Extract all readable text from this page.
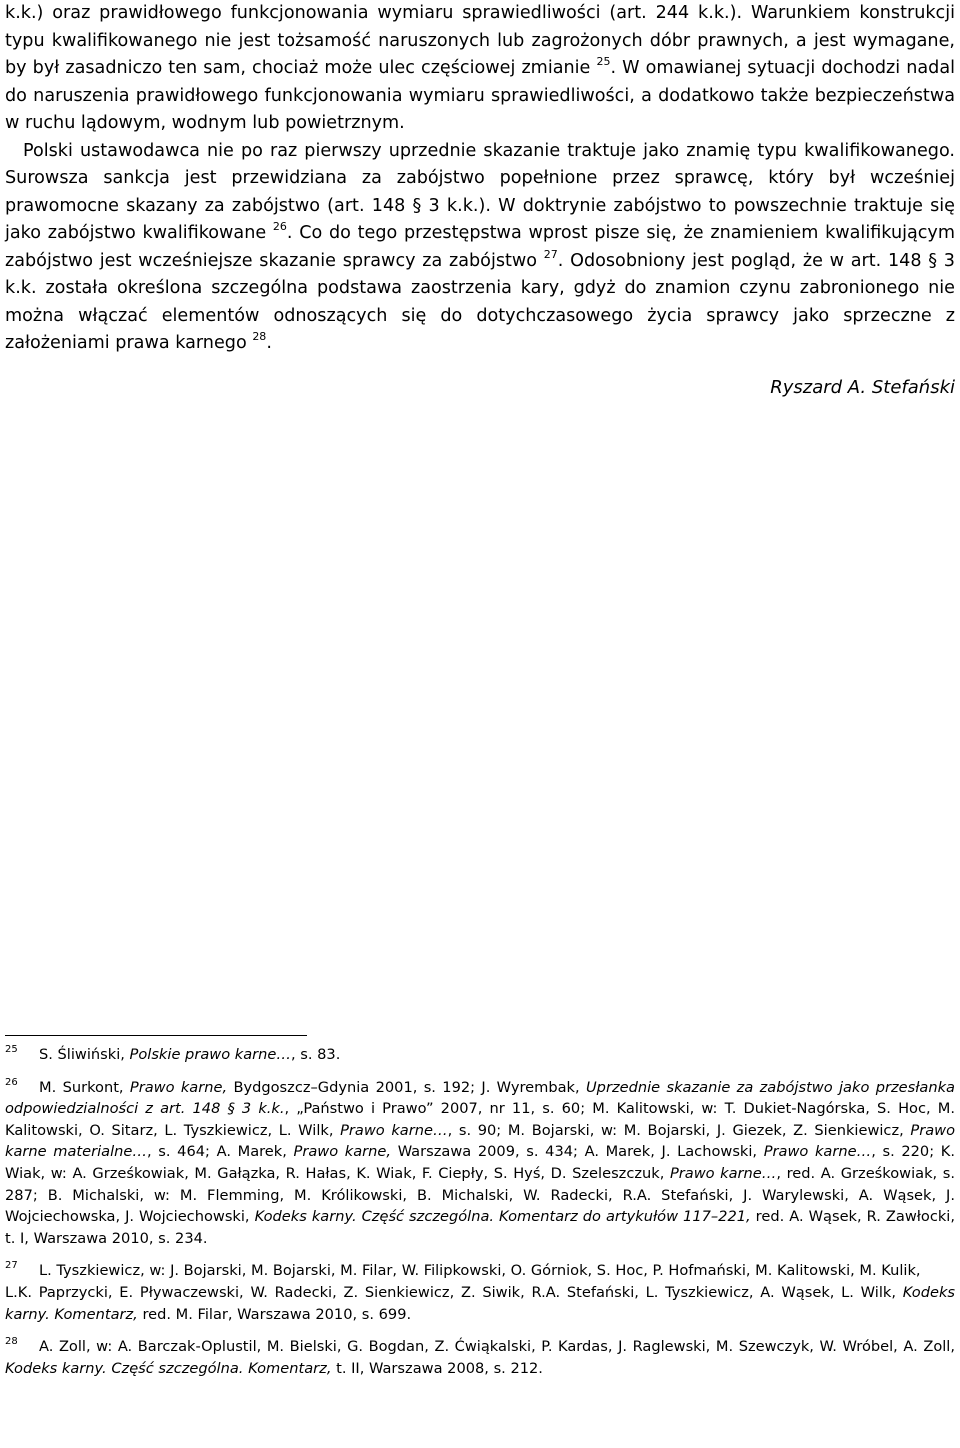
k.k.) oraz prawidłowego funkcjonowania wymiaru sprawiedliwości (art. 244 k.k.). Warunkiem konstrukcji typu kwalifikowanego nie jest tożsamość naruszonych lub zagrożonych dóbr prawnych, a jest wymagane, by był zasadniczo ten sam, chociaż może ulec częściowej zmianie $^{25}$. W omawianej sytuacji dochodzi nadal do naruszenia prawidłowego funkcjonowania wymiaru sprawiedliwości, a dodatkowo także bezpieczeństwa w ruchu lądowym, wodnym lub powietrznym.

Polski ustawodawca nie po raz pierwszy uprzednie skazanie traktuje jako znamię typu kwalifikowanego. Surowsza sankcja jest przewidziana za zabójstwo popełnione przez sprawcę, który był wcześniej prawomocne skazany za zabójstwo (art. 148 § 3 k.k.). W doktrynie zabójstwo to powszechnie traktuje się jako zabójstwo kwalifikowane $^{26}$. Co do tego przestępstwa wprost pisze się, że znamieniem kwalifikującym zabójstwo jest wcześniejsze skazanie sprawcy za zabójstwo $^{27}$. Odosobniony jest pogląd, że w art. 148 § 3 k.k. została określona szczególna podstawa zaostrzenia kary, gdyż do znamion czynu zabronionego nie można włączać elementów odnoszących się do dotychczasowego życia sprawcy jako sprzeczne z założeniami prawa karnego $^{28}$.

Ryszard A. Stefański

$^{25}$ S. Śliwiński, Polskie prawo karne…, s. 83.

$^{26}$ M. Surkont, Prawo karne, Bydgoszcz–Gdynia 2001, s. 192; J. Wyrembak, Uprzednie skazanie za zabójstwo jako przesłanka odpowiedzialności z art. 148 § 3 k.k., „Państwo i Prawo” 2007, nr 11, s. 60; M. Kalitowski, w: T. Dukiet-Nagórska, S. Hoc, M. Kalitowski, O. Sitarz, L. Tyszkiewicz, L. Wilk, Prawo karne…, s. 90; M. Bojarski, w: M. Bojarski, J. Giezek, Z. Sienkiewicz, Prawo karne materialne…, s. 464; A. Marek, Prawo karne, Warszawa 2009, s. 434; A. Marek, J. Lachowski, Prawo karne…, s. 220; K. Wiak, w: A. Grześkowiak, M. Gałązka, R. Hałas, K. Wiak, F. Ciepły, S. Hyś, D. Szeleszczuk, Prawo karne…, red. A. Grześkowiak, s. 287; B. Michalski, w: M. Flemming, M. Królikowski, B. Michalski, W. Radecki, R.A. Stefański, J. Warylewski, A. Wąsek, J. Wojciechowska, J. Wojciechowski, Kodeks karny. Część szczególna. Komentarz do artykułów 117–221, red. A. Wąsek, R. Zawłocki, t. I, Warszawa 2010, s. 234.

$^{27}$ L. Tyszkiewicz, w: J. Bojarski, M. Bojarski, M. Filar, W. Filipkowski, O. Górniok, S. Hoc, P. Hofmański, M. Kalitowski, M. Kulik,
L.K. Paprzycki, E. Pływaczewski, W. Radecki, Z. Sienkiewicz, Z. Siwik, R.A. Stefański, L. Tyszkiewicz, A. Wąsek, L. Wilk, Kodeks karny. Komentarz, red. M. Filar, Warszawa 2010, s. 699.

$^{28}$ A. Zoll, w: A. Barczak-Oplustil, M. Bielski, G. Bogdan, Z. Ćwiąkalski, P. Kardas, J. Raglewski, M. Szewczyk, W. Wróbel, A. Zoll, Kodeks karny. Część szczególna. Komentarz, t. II, Warszawa 2008, s. 212.
